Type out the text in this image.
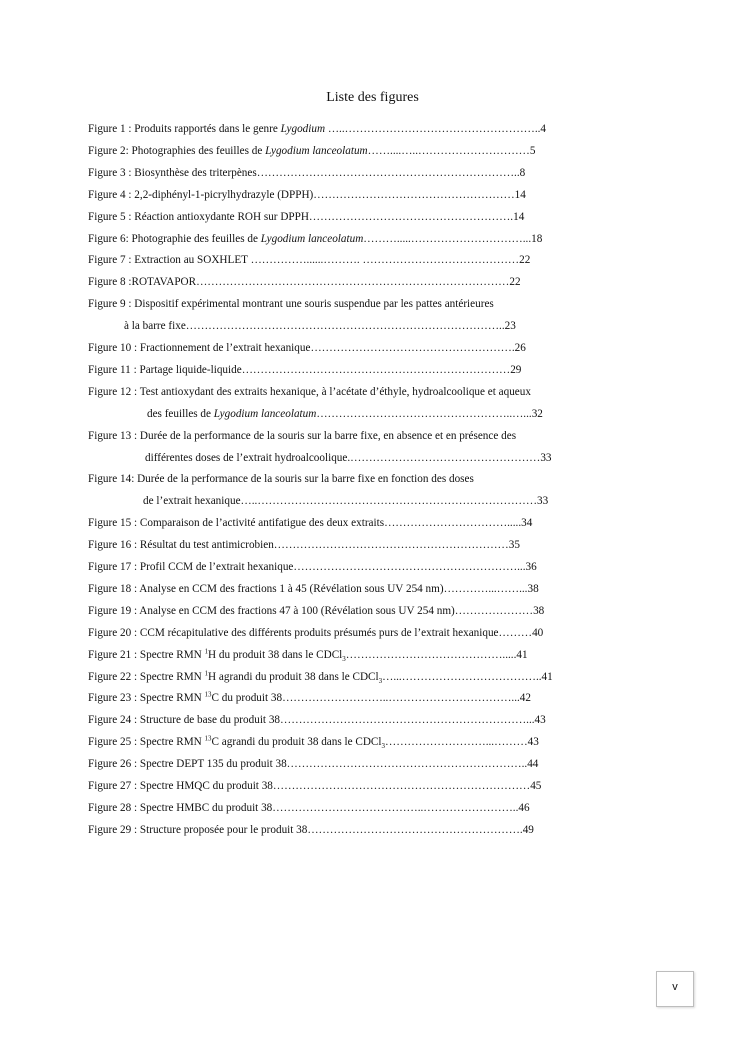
Liste des figures
Figure 1 : Produits rapportés dans le genre Lygodium …..……………………………………………..4
Figure 2: Photographies des feuilles de Lygodium lanceolatum……....…..…………………………5
Figure 3 : Biosynthèse des triterpènes……………………………………………………………..8
Figure 4 : 2,2-diphényl-1-picrylhydrazyle (DPPH)………………………………………………14
Figure 5 : Réaction antioxydante ROH sur DPPH……………………………………………….14
Figure 6: Photographie des feuilles de Lygodium lanceolatum……….....…………………………...18
Figure 7 : Extraction au SOXHLET ……………......………. ……………………………………22
Figure 8 :ROTAVAPOR…………………………………………………………………………22
Figure 9 : Dispositif expérimental montrant une souris suspendue par les pattes antérieures
à la barre fixe…………………………………………………………………………..23
Figure 10 : Fractionnement de l’extrait hexanique……………………………………………….26
Figure 11 : Partage liquide-liquide………………………………………………………………29
Figure 12 : Test antioxydant des extraits hexanique, à l’acétate d’éthyle, hydroalcoolique et aqueux
des feuilles de Lygodium lanceolatum……………………………………………..…...32
Figure 13 : Durée de la performance de la souris sur la barre fixe, en absence et en présence des
différentes doses de l’extrait hydroalcoolique.……………………………………………33
Figure 14: Durée de la performance de la souris sur la barre fixe en fonction des doses
de l’extrait hexanique…..…………………………………………………………………33
Figure 15 : Comparaison de l’activité antifatigue des deux extraits…………………………….....34
Figure 16 : Résultat du test antimicrobien………………………………………………………35
Figure 17 : Profil CCM de l’extrait hexanique……………………………………………………...36
Figure 18 : Analyse en CCM des fractions 1 à 45 (Révélation sous UV 254 nm)…………...……...38
Figure 19 : Analyse en CCM des fractions 47 à 100 (Révélation sous UV 254 nm)…………………38
Figure 20 : CCM récapitulative des différents produits présumés purs de l’extrait hexanique………40
Figure 21 : Spectre RMN $^1$H du produit 38 dans le CDCl$_3$…………………………………….....41
Figure 22 : Spectre RMN $^1$H agrandi du produit 38 dans le CDCl$_3$…...………………………………..41
Figure 23 : Spectre RMN $^{13}$C du produit 38………………………..……………………………...42
Figure 24 : Structure de base du produit 38…………………………………………………………...43
Figure 25 : Spectre RMN $^{13}$C agrandi du produit 38 dans le CDCl$_3$………………………...………43
Figure 26 : Spectre DEPT 135 du produit 38………………………………………………………..44
Figure 27 : Spectre HMQC du produit 38……………………………………………………………45
Figure 28 : Spectre HMBC du produit 38…………………………………..……………………..46
Figure 29 : Structure proposée pour le produit 38………………………………………………….49
v
